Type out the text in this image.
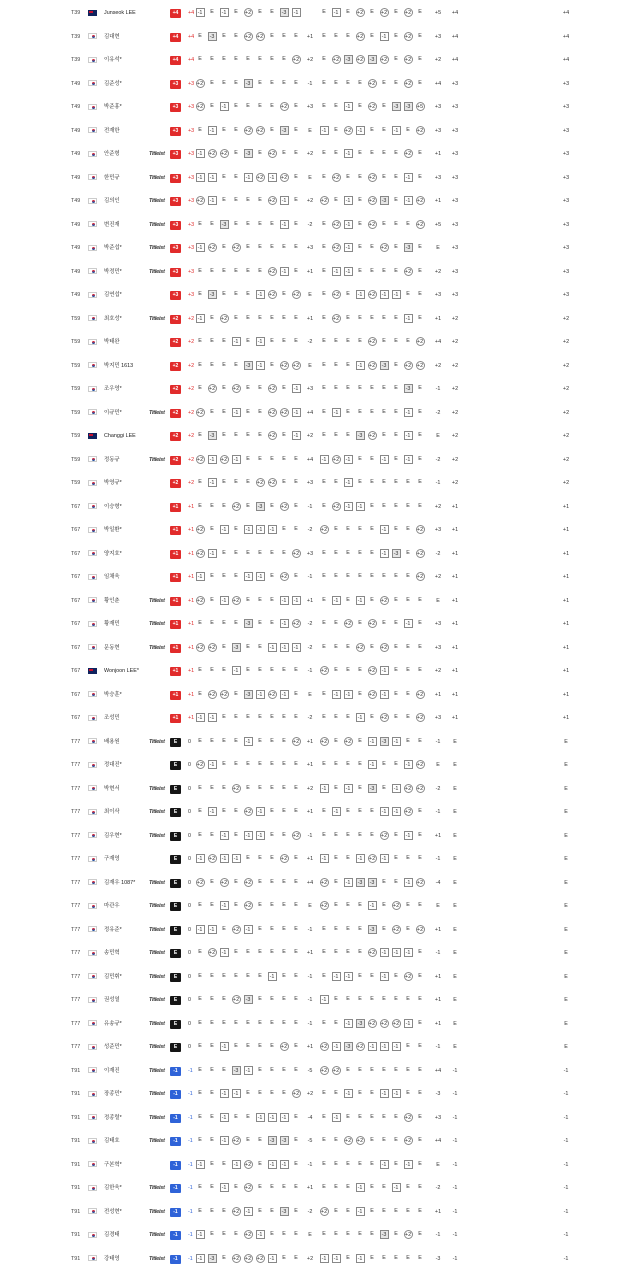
T39	Junseok LEE	+4	+4 -1	E	-1	E	+2	E	E	-3	-1	E	-1	E	+2	E	+2	E	+2	E	+5	+4	+4
T39	김대현	+4	+4 E	-3	E	E	+2	+2	E	E	E	+1	E	E	E	+2	E	-1	E	+2	E	+3	+4	+4
T39	이유석*	+4	+4 E	E	E	E	E	E	E	E	+2	+2	E	+2	-3	+2	-3	+2	E	+2	E	+2	+4	+4
T49	김준성*	+3	+3 +2	E	E	E	-3	E	E	E	E	-1	E	E	E	E	+2	E	E	+2	E	+4	+3	+3
T49	박준홍*	+3	+3 +2	E	-1	E	E	E	E	+2	E	+3	E	E	-1	E	+2	E	-3	-3	+5	+3	+3	+3
T49	전재한	+3	+3 E	-1	E	E	+2	+2	E	-3	E	E	-1	E	+2	-1	E	E	-1	E	+2	+3	+3	+3
T49	안준형	Titleist	+3	+3 -1	+2	+2	E	-3	E	+2	E	E	+2	E	E	-1	E	E	E	E	+2	E	+1	+3	+3
T49	한민규	Titleist	+3	+3 -1	-1	E	E	-1	+2	-1	+2	E	E	E	+2	E	E	+2	E	E	-1	E	+3	+3	+3
T49	김의인	Titleist	+3	+3 +2	-1	E	E	E	E	+2	-1	E	+2	+2	E	-1	E	+2	-3	E	-1	+2	+1	+3	+3
T49	변진재	Titleist	+3	+3 E	E	-3	E	E	E	E	-1	E	-2	E	+2	-1	E	+2	E	E	E	+2	+5	+3	+3
T49	박준섭*	Titleist	+3	+3 -1	+2	E	+2	E	E	E	E	E	+3	E	+2	-1	E	E	+2	E	-3	E	E	+3	+3
T49	박정민*	Titleist	+3	+3 E	E	E	E	E	E	+2	-1	E	+1	E	-1	-1	E	E	E	E	+2	E	+2	+3	+3
T49	김연섭*	+3	+3 E	-3	E	E	E	-1	+2	E	+2	E	E	+2	E	-1	+2	-1	-1	E	E	+3	+3	+3
T59	최호성*	Titleist	+2	+2 -1	E	+2	E	E	E	E	E	E	+1	E	+2	E	E	E	E	E	-1	E	+1	+2	+2
T59	박태완	+2	+2 E	E	E	-1	E	-1	E	E	E	-2	E	E	E	E	+2	E	E	E	+2	+4	+2	+2
T59	박지민 1613	+2	+2 E	E	E	E	-3	-1	E	+2	+2	E	E	E	E	-1	+2	-3	E	+2	+2	+2	+2	+2
T59	조우영*	+2	+2 E	+2	E	+2	E	E	+2	E	-1	+3	E	E	E	E	E	E	E	-3	E	-1	+2	+2
T59	이규민*	Titleist	+2	+2 +2	E	E	-1	E	E	+2	+2	-1	+4	E	-1	E	E	E	E	E	-1	E	-2	+2	+2
T59	Changgi LEE	+2	+2 E	-3	E	E	E	E	+2	E	-1	+2	E	E	E	-3	+2	E	E	-1	E	E	+2	+2
T59	정동규	Titleist	+2	+2 +2	-1	+2	-1	E	E	E	E	E	+4	-1	+2	-1	E	E	-1	E	-1	E	-2	+2	+2
T59	박영규*	+2	+2 E	-1	E	E	E	+2	+2	E	E	+3	E	E	-1	E	E	E	E	E	E	-1	+2	+2
T67	이승형*	+1	+1 E	E	E	+2	E	-3	E	+2	E	-1	E	+2	-1	-1	E	E	E	E	E	+2	+1	+1
T67	박일환*	+1	+1 +2	E	-1	E	-1	-1	-1	E	E	-2	+2	E	E	E	E	-1	E	E	+2	+3	+1	+1
T67	양지호*	+1	+1 +2	-1	E	E	E	E	E	E	+2	+3	E	E	E	E	E	-1	-3	E	+2	-2	+1	+1
T67	임채욱	+1	+1 -1	E	E	E	-1	-1	E	+2	E	-1	E	E	E	E	E	E	E	E	+2	+2	+1	+1
T67	황인춘	Titleist	+1	+1 +2	E	-1	+2	E	E	E	-1	-1	+1	E	-1	E	-1	E	+2	E	E	E	E	+1	+1
T67	황재민	Titleist	+1	+1 E	E	E	E	-3	E	E	-1	+2	-2	E	E	+2	E	+2	E	E	-1	E	+3	+1	+1
T67	문동현	Titleist	+1	+1 +2	+2	E	-3	E	E	-1	-1	-1	-2	E	E	E	+2	E	+2	E	E	E	+3	+1	+1
T67	Wonjoon LEE*	+1	+1 E	E	E	-1	E	E	E	E	E	-1	+2	E	E	E	+2	-1	E	E	E	+2	+1	+1
T67	박승훈*	+1	+1 E	+2	+2	E	-3	-1	+2	-1	E	E	E	-1	-1	E	+2	-1	E	E	+2	+1	+1	+1
T67	조성민	+1	+1 -1	-1	E	E	E	E	E	E	E	-2	E	E	E	-1	E	+2	E	E	+2	+3	+1	+1
T77	배용원	Titleist	E	0	E	E	E	E	-1	E	E	E	+2	+1	+2	E	+2	E	-1	-3	-1	E	E	-1	E	E
T77	정대진*	E	0	+2	-1	E	E	E	E	E	E	E	+1	E	E	E	E	-1	E	E	-1	+2	E	E	E
T77	박현서	Titleist	E	0	E	E	E	+2	E	E	E	E	E	+2	-1	E	-1	E	-3	E	-1	+2	+2	-2	E	E
T77	최이삭	Titleist	E	0	E	-1	E	E	+2	-1	E	E	E	+1	E	-1	E	E	E	-1	-1	+2	E	-1	E	E
T77	김우현*	Titleist	E	0	E	E	-1	E	-1	-1	E	E	+2	-1	E	E	E	E	E	+2	E	-1	E	+1	E	E
T77	구재영	E	0	-1	+2	-1	-1	E	E	E	+2	E	+1	-1	E	E	-1	+2	-1	E	E	E	-1	E	E
T77	김재우 1087*	Titleist	E	0	+2	E	+2	E	+2	E	E	E	E	+4	+2	E	-1	-3	-3	E	E	-1	+2	-4	E	E
T77	마관우	Titleist	E	0	E	E	-1	E	+2	E	E	E	E	E	+2	E	E	E	-1	E	+2	E	E	E	E	E
T77	정유준*	Titleist	E	0	-1	-1	E	+2	-1	E	E	E	E	-1	E	E	E	E	-3	E	+2	E	+2	+1	E	E
T77	송민혁	Titleist	E	0	E	+2	-1	E	E	E	E	E	E	+1	E	E	E	E	+2	-1	-1	-1	E	-1	E	E
T77	김민휘*	Titleist	E	0	E	E	E	E	E	E	-1	E	E	-1	E	-1	-1	E	E	-1	E	+2	E	+1	E	E
T77	권성열	Titleist	E	0	E	E	E	+2	-3	E	E	E	E	-1	-1	E	E	E	E	E	E	E	E	+1	E	E
T77	유송규*	Titleist	E	0	E	E	E	E	E	E	E	E	E	-1	E	E	-1	-3	+2	+2	+2	-1	E	+1	E	E
T77	성준민*	Titleist	E	0	E	E	-1	E	E	E	E	+2	E	+1	+2	-1	-3	+2	-1	-1	-1	E	E	-1	E	E
T91	이재진	Titleist	-1	-1 E	E	E	-3	-1	E	E	E	E	-5	+2	+2	E	E	E	E	E	E	E	+4	-1	-1
T91	장종민*	Titleist	-1	-1 E	E	-1	-1	E	E	E	E	+2	+2	E	E	-1	E	E	-1	-1	E	E	-3	-1	-1
T91	정종렬*	Titleist	-1	-1 E	E	-1	E	E	-1	-1	-1	E	-4	E	-1	E	E	E	E	E	+2	E	+3	-1	-1
T91	김태호	Titleist	-1	-1 E	E	-1	+2	E	E	-3	-3	E	-5	E	E	+2	+2	E	E	E	+2	E	+4	-1	-1
T91	구본혁*	-1	-1 -1	E	E	-1	+2	E	-1	-1	E	-1	E	E	E	E	E	-1	E	-1	E	E	-1	-1
T91	김한욱*	Titleist	-1	-1 E	E	-1	E	+2	E	E	E	E	+1	E	E	E	-1	E	E	-1	E	E	-2	-1	-1
T91	전성현*	Titleist	-1	-1 E	E	E	+2	-1	E	E	-3	E	-2	+2	E	E	-1	E	E	E	E	E	+1	-1	-1
T91	김경태	Titleist	-1	-1 -1	E	E	E	+2	-1	E	E	E	E	E	E	E	E	E	-3	E	+2	E	-1	-1	-1
T91	강태영	Titleist	-1	-1 -1	-3	E	+2	+2	+2	-1	E	E	+2	-1	-1	E	-1	E	E	E	E	E	-3	-1	-1
